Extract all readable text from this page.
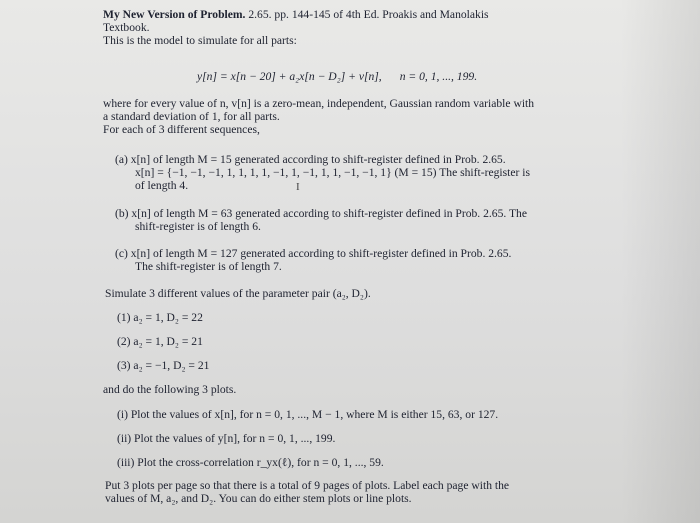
My New Version of Problem. 2.65. pp. 144-145 of 4th Ed. Proakis and Manolakis

Textbook.

This is the model to simulate for all parts:

y[n] = x[n − 20] + a₂x[n − D₂] + v[n], n = 0, 1, ..., 199.

where for every value of n, v[n] is a zero-mean, independent, Gaussian random variable with

a standard deviation of 1, for all parts.

For each of 3 different sequences,

(a) x[n] of length M = 15 generated according to shift-register defined in Prob. 2.65.

x[n] = {−1, −1, −1, 1, 1, 1, 1, −1, 1, −1, 1, 1, −1, −1, 1} (M = 15) The shift-register is

of length 4.	I

(b) x[n] of length M = 63 generated according to shift-register defined in Prob. 2.65. The

shift-register is of length 6.

(c) x[n] of length M = 127 generated according to shift-register defined in Prob. 2.65.

The shift-register is of length 7.

Simulate 3 different values of the parameter pair (a₂, D₂).

(1) a₂ = 1, D₂ = 22

(2) a₂ = 1, D₂ = 21

(3) a₂ = −1, D₂ = 21

and do the following 3 plots.

(i) Plot the values of x[n], for n = 0, 1, ..., M − 1, where M is either 15, 63, or 127.

(ii) Plot the values of y[n], for n = 0, 1, ..., 199.

(iii) Plot the cross-correlation r_yx(ℓ), for n = 0, 1, ..., 59.

Put 3 plots per page so that there is a total of 9 pages of plots. Label each page with the

values of M, a₂, and D₂. You can do either stem plots or line plots.
